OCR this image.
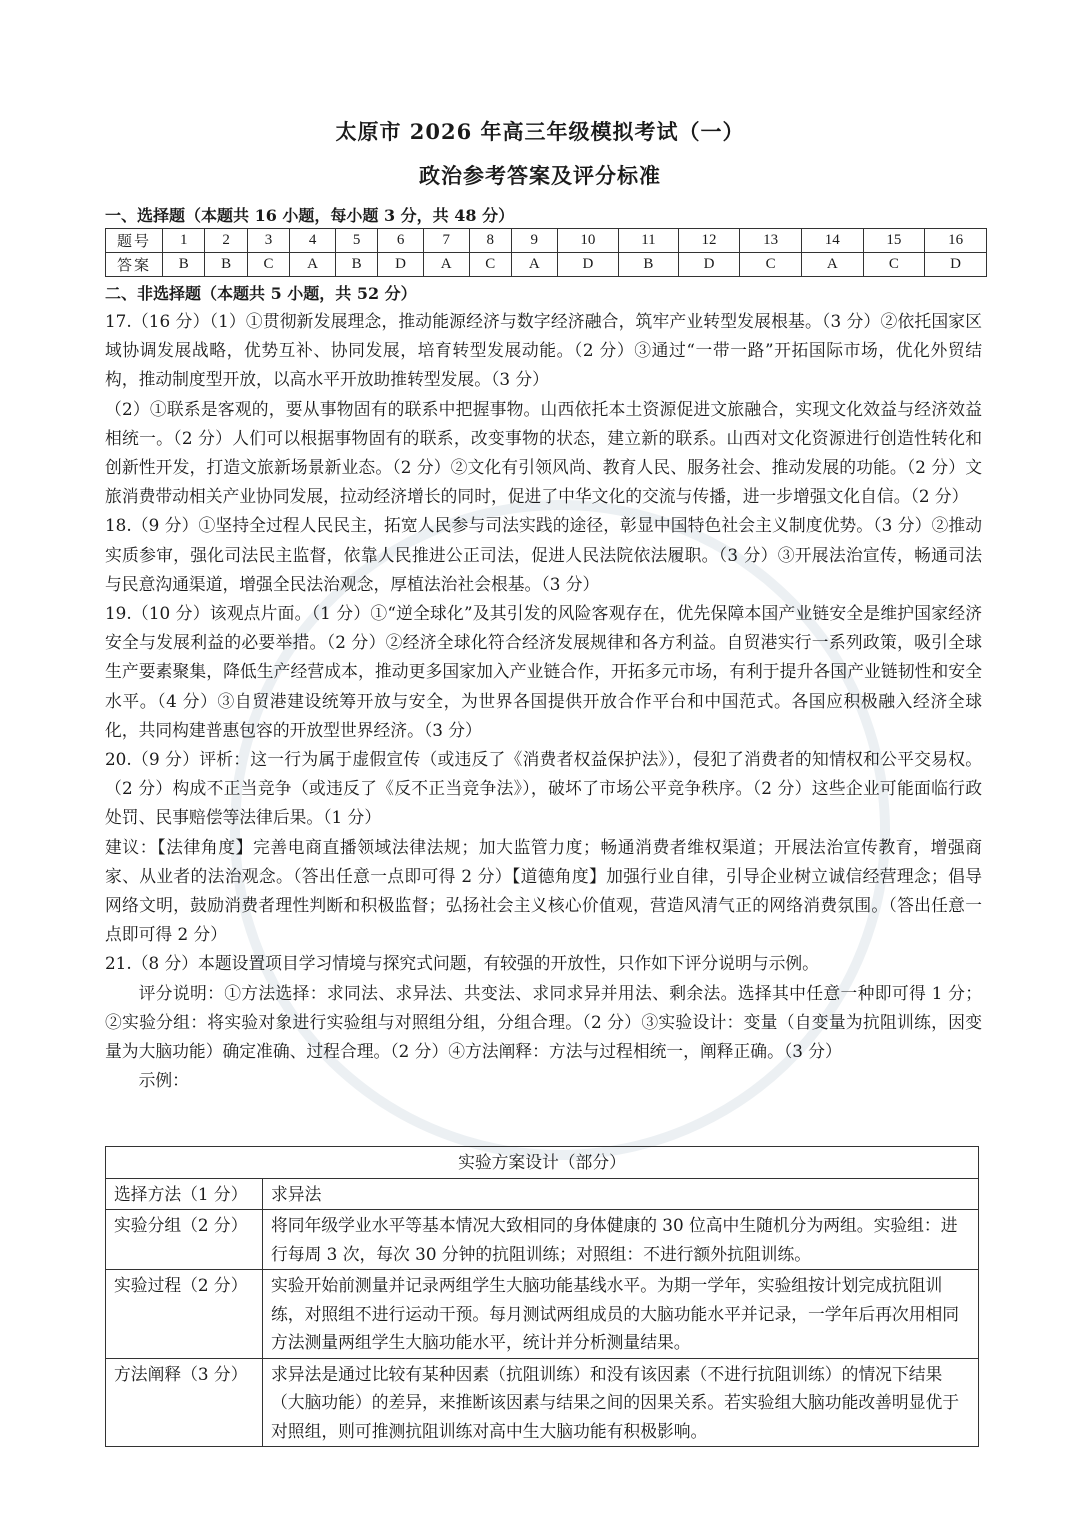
太原市 2026 年高三年级模拟考试（一）
政治参考答案及评分标准
一、选择题（本题共 16 小题，每小题 3 分，共 48 分）
题号	1	2	3	4	5	6	7	8	9	10	11	12	13	14	15	16
答案	B	B	C	A	B	D	A	C	A	D	B	D	C	A	C	D
二、非选择题（本题共 5 小题，共 52 分）

17.（16 分）（1）①贯彻新发展理念，推动能源经济与数字经济融合，筑牢产业转型发展根基。（3 分）②依托国家区域协调发展战略，优势互补、协同发展，培育转型发展动能。（2 分）③通过“一带一路”开拓国际市场，优化外贸结构，推动制度型开放，以高水平开放助推转型发展。（3 分）

（2）①联系是客观的，要从事物固有的联系中把握事物。山西依托本土资源促进文旅融合，实现文化效益与经济效益相统一。（2 分）人们可以根据事物固有的联系，改变事物的状态，建立新的联系。山西对文化资源进行创造性转化和创新性开发，打造文旅新场景新业态。（2 分）②文化有引领风尚、教育人民、服务社会、推动发展的功能。（2 分）文旅消费带动相关产业协同发展，拉动经济增长的同时，促进了中华文化的交流与传播，进一步增强文化自信。（2 分）

18.（9 分）①坚持全过程人民民主，拓宽人民参与司法实践的途径，彰显中国特色社会主义制度优势。（3 分）②推动实质参审，强化司法民主监督，依靠人民推进公正司法，促进人民法院依法履职。（3 分）③开展法治宣传，畅通司法与民意沟通渠道，增强全民法治观念，厚植法治社会根基。（3 分）

19.（10 分）该观点片面。（1 分）①“逆全球化”及其引发的风险客观存在，优先保障本国产业链安全是维护国家经济安全与发展利益的必要举措。（2 分）②经济全球化符合经济发展规律和各方利益。自贸港实行一系列政策，吸引全球生产要素聚集，降低生产经营成本，推动更多国家加入产业链合作，开拓多元市场，有利于提升各国产业链韧性和安全水平。（4 分）③自贸港建设统筹开放与安全，为世界各国提供开放合作平台和中国范式。各国应积极融入经济全球化，共同构建普惠包容的开放型世界经济。（3 分）

20.（9 分）评析：这一行为属于虚假宣传（或违反了《消费者权益保护法》），侵犯了消费者的知情权和公平交易权。（2 分）构成不正当竞争（或违反了《反不正当竞争法》），破坏了市场公平竞争秩序。（2 分）这些企业可能面临行政处罚、民事赔偿等法律后果。（1 分）

建议：【法律角度】完善电商直播领域法律法规；加大监管力度；畅通消费者维权渠道；开展法治宣传教育，增强商家、从业者的法治观念。（答出任意一点即可得 2 分）【道德角度】加强行业自律，引导企业树立诚信经营理念；倡导网络文明，鼓励消费者理性判断和积极监督；弘扬社会主义核心价值观，营造风清气正的网络消费氛围。（答出任意一点即可得 2 分）

21.（8 分）本题设置项目学习情境与探究式问题，有较强的开放性，只作如下评分说明与示例。

评分说明：①方法选择：求同法、求异法、共变法、求同求异并用法、剩余法。选择其中任意一种即可得 1 分；②实验分组：将实验对象进行实验组与对照组分组，分组合理。（2 分）③实验设计：变量（自变量为抗阻训练，因变量为大脑功能）确定准确、过程合理。（2 分）④方法阐释：方法与过程相统一，阐释正确。（3 分）

示例：

实验方案设计（部分）	
选择方法（1 分）	求异法
实验分组（2 分）	将同年级学业水平等基本情况大致相同的身体健康的 30 位高中生随机分为两组。实验组：进行每周 3 次，每次 30 分钟的抗阻训练；对照组：不进行额外抗阻训练。
实验过程（2 分）	实验开始前测量并记录两组学生大脑功能基线水平。为期一学年，实验组按计划完成抗阻训练，对照组不进行运动干预。每月测试两组成员的大脑功能水平并记录，一学年后再次用相同方法测量两组学生大脑功能水平，统计并分析测量结果。
方法阐释（3 分）	求异法是通过比较有某种因素（抗阻训练）和没有该因素（不进行抗阻训练）的情况下结果（大脑功能）的差异，来推断该因素与结果之间的因果关系。若实验组大脑功能改善明显优于对照组，则可推测抗阻训练对高中生大脑功能有积极影响。
